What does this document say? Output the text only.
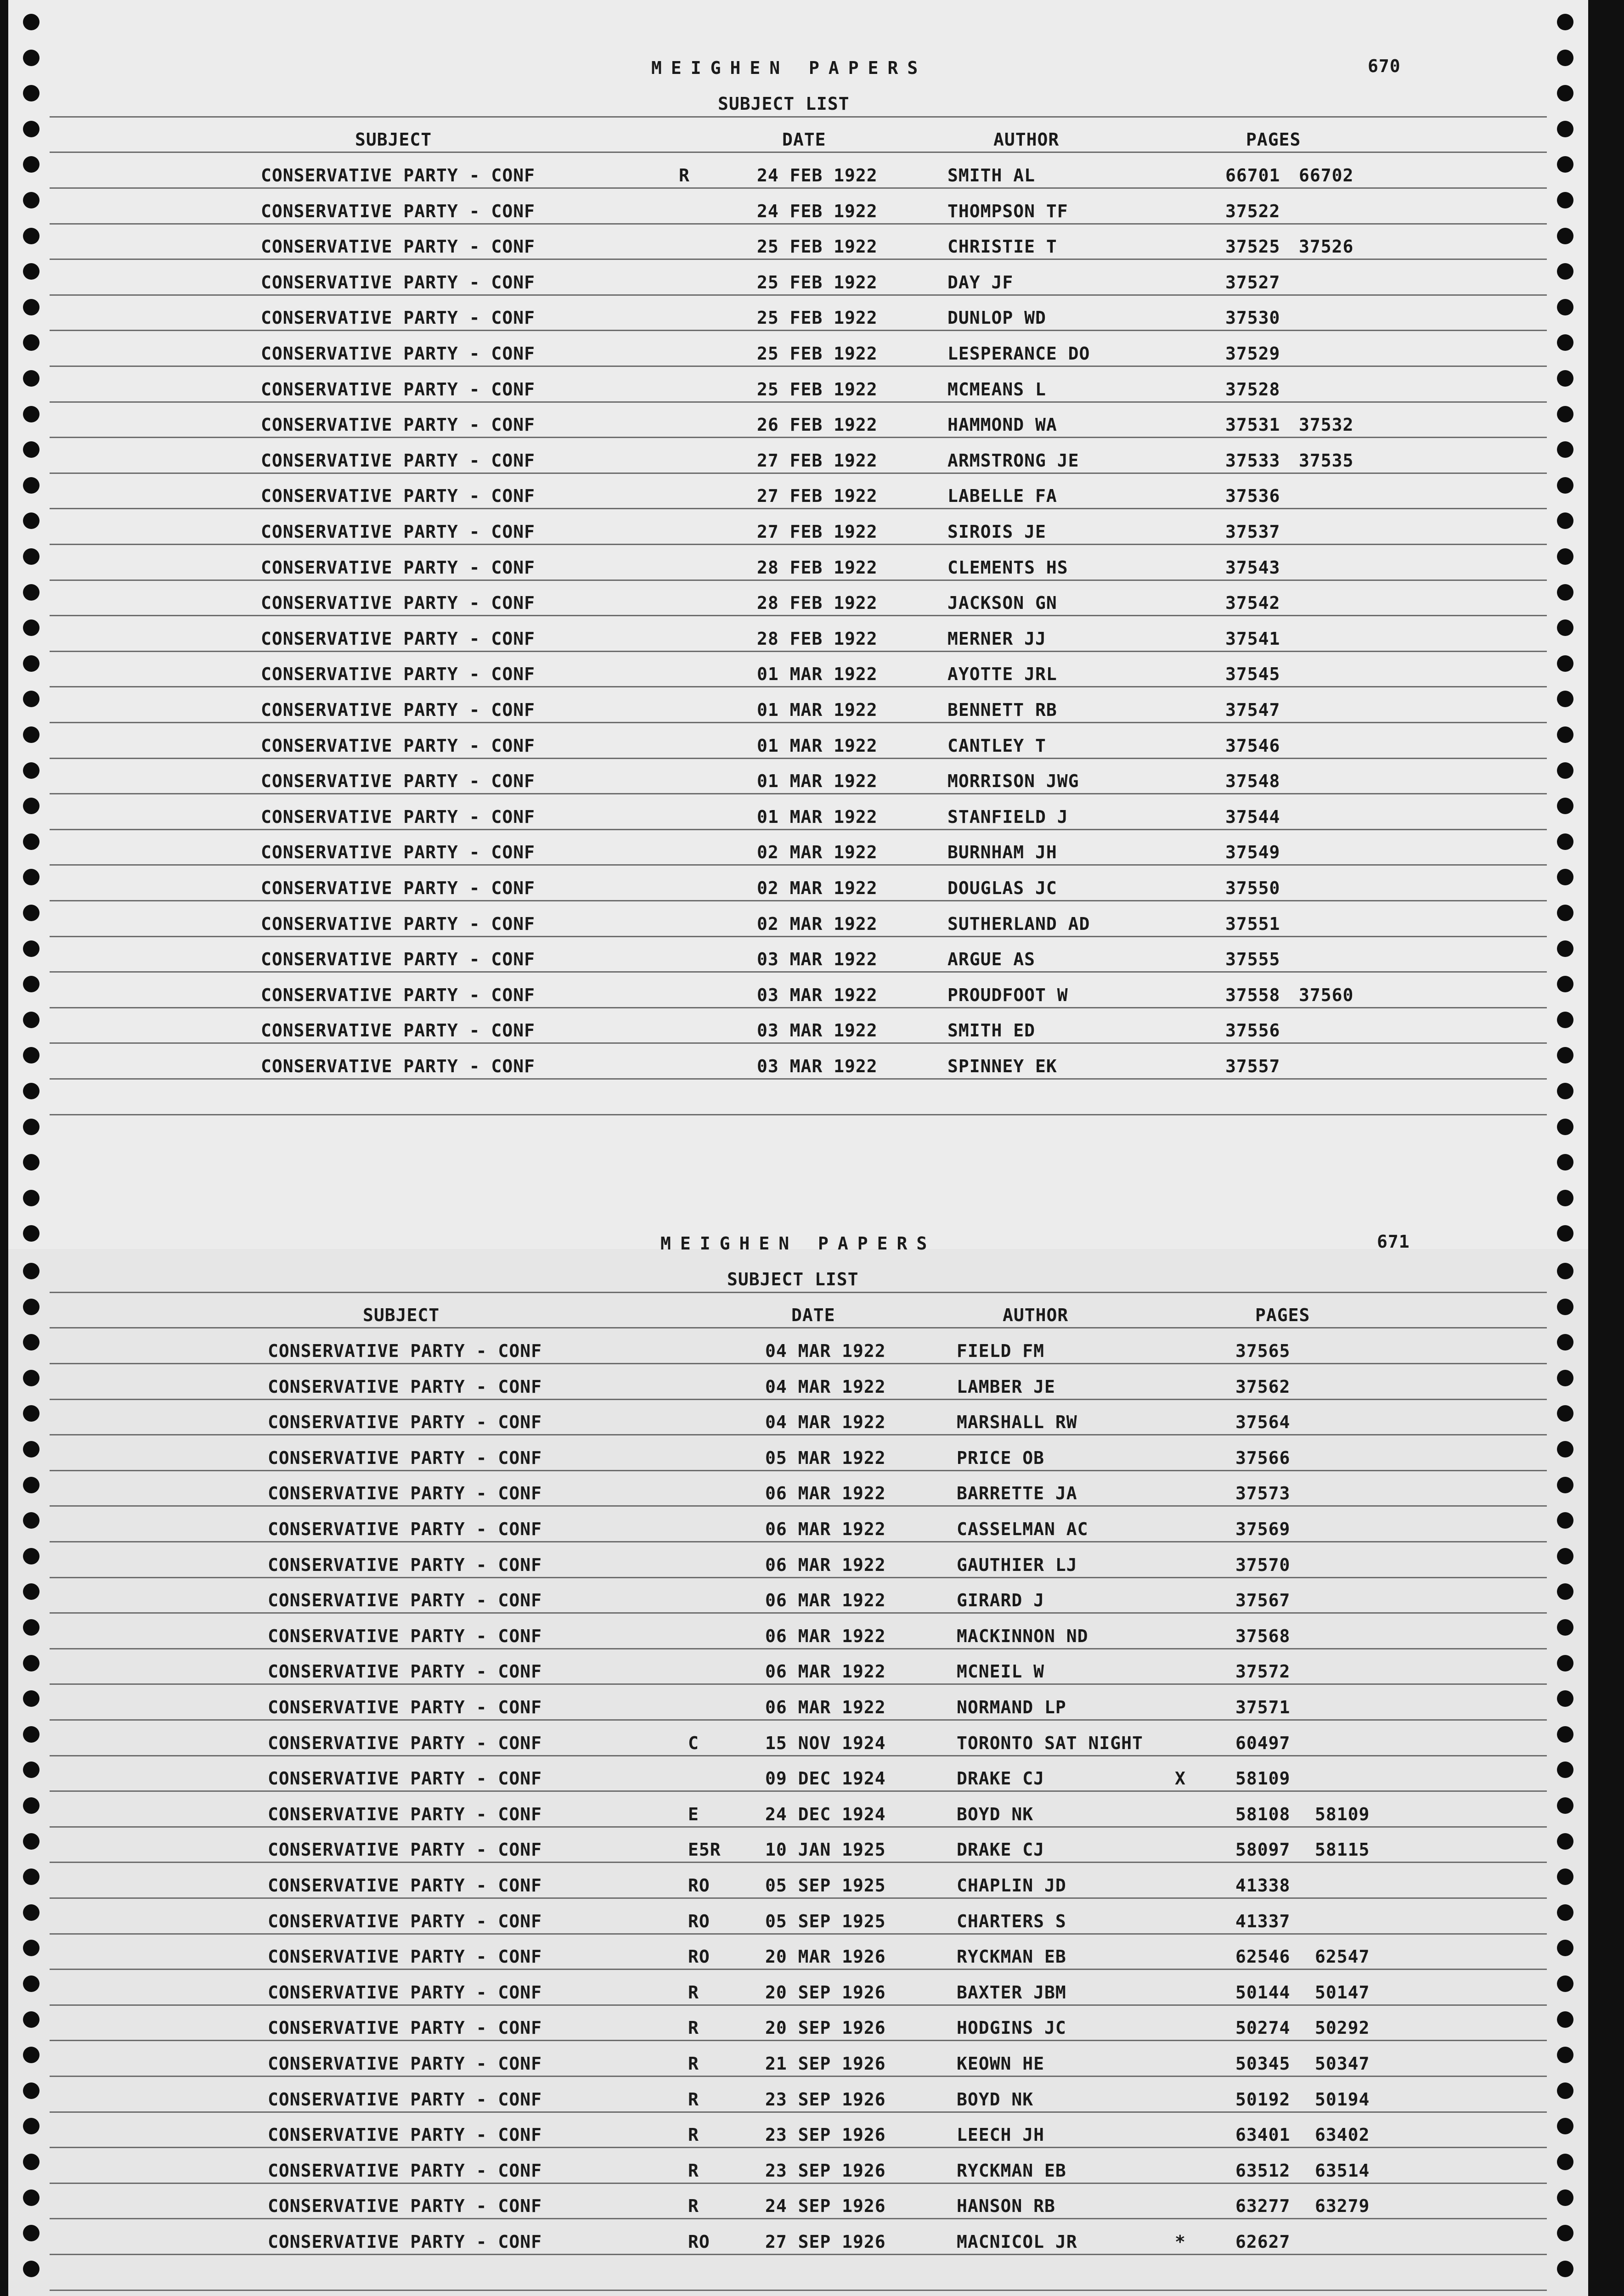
MEIGHEN PAPERS	670
SUBJECT LIST
SUBJECT	DATE	AUTHOR	PAGES
CONSERVATIVE PARTY - CONF	R	24 FEB 1922	SMITH AL	66701 66702
CONSERVATIVE PARTY - CONF	24 FEB 1922	THOMPSON TF	37522
CONSERVATIVE PARTY - CONF	25 FEB 1922	CHRISTIE T	37525 37526
CONSERVATIVE PARTY - CONF	25 FEB 1922	DAY JF	37527
CONSERVATIVE PARTY - CONF	25 FEB 1922	DUNLOP WD	37530
CONSERVATIVE PARTY - CONF	25 FEB 1922	LESPERANCE DO	37529
CONSERVATIVE PARTY - CONF	25 FEB 1922	MCMEANS L	37528
CONSERVATIVE PARTY - CONF	26 FEB 1922	HAMMOND WA	37531 37532
CONSERVATIVE PARTY - CONF	27 FEB 1922	ARMSTRONG JE	37533 37535
CONSERVATIVE PARTY - CONF	27 FEB 1922	LABELLE FA	37536
CONSERVATIVE PARTY - CONF	27 FEB 1922	SIROIS JE	37537
CONSERVATIVE PARTY - CONF	28 FEB 1922	CLEMENTS HS	37543
CONSERVATIVE PARTY - CONF	28 FEB 1922	JACKSON GN	37542
CONSERVATIVE PARTY - CONF	28 FEB 1922	MERNER JJ	37541
CONSERVATIVE PARTY - CONF	01 MAR 1922	AYOTTE JRL	37545
CONSERVATIVE PARTY - CONF	01 MAR 1922	BENNETT RB	37547
CONSERVATIVE PARTY - CONF	01 MAR 1922	CANTLEY T	37546
CONSERVATIVE PARTY - CONF	01 MAR 1922	MORRISON JWG	37548
CONSERVATIVE PARTY - CONF	01 MAR 1922	STANFIELD J	37544
CONSERVATIVE PARTY - CONF	02 MAR 1922	BURNHAM JH	37549
CONSERVATIVE PARTY - CONF	02 MAR 1922	DOUGLAS JC	37550
CONSERVATIVE PARTY - CONF	02 MAR 1922	SUTHERLAND AD	37551
CONSERVATIVE PARTY - CONF	03 MAR 1922	ARGUE AS	37555
CONSERVATIVE PARTY - CONF	03 MAR 1922	PROUDFOOT W	37558 37560
CONSERVATIVE PARTY - CONF	03 MAR 1922	SMITH ED	37556
CONSERVATIVE PARTY - CONF	03 MAR 1922	SPINNEY EK	37557
MEIGHEN PAPERS	671
SUBJECT LIST
SUBJECT	DATE	AUTHOR	PAGES
CONSERVATIVE PARTY - CONF	04 MAR 1922	FIELD FM	37565
CONSERVATIVE PARTY - CONF	04 MAR 1922	LAMBER JE	37562
CONSERVATIVE PARTY - CONF	04 MAR 1922	MARSHALL RW	37564
CONSERVATIVE PARTY - CONF	05 MAR 1922	PRICE OB	37566
CONSERVATIVE PARTY - CONF	06 MAR 1922	BARRETTE JA	37573
CONSERVATIVE PARTY - CONF	06 MAR 1922	CASSELMAN AC	37569
CONSERVATIVE PARTY - CONF	06 MAR 1922	GAUTHIER LJ	37570
CONSERVATIVE PARTY - CONF	06 MAR 1922	GIRARD J	37567
CONSERVATIVE PARTY - CONF	06 MAR 1922	MACKINNON ND	37568
CONSERVATIVE PARTY - CONF	06 MAR 1922	MCNEIL W	37572
CONSERVATIVE PARTY - CONF	06 MAR 1922	NORMAND LP	37571
CONSERVATIVE PARTY - CONF	C	15 NOV 1924	TORONTO SAT NIGHT	60497
CONSERVATIVE PARTY - CONF	09 DEC 1924	DRAKE CJ	X	58109
CONSERVATIVE PARTY - CONF	E	24 DEC 1924	BOYD NK	58108 58109
CONSERVATIVE PARTY - CONF	E5R	10 JAN 1925	DRAKE CJ	58097 58115
CONSERVATIVE PARTY - CONF	RO	05 SEP 1925	CHAPLIN JD	41338
CONSERVATIVE PARTY - CONF	RO	05 SEP 1925	CHARTERS S	41337
CONSERVATIVE PARTY - CONF	RO	20 MAR 1926	RYCKMAN EB	62546 62547
CONSERVATIVE PARTY - CONF	R	20 SEP 1926	BAXTER JBM	50144 50147
CONSERVATIVE PARTY - CONF	R	20 SEP 1926	HODGINS JC	50274 50292
CONSERVATIVE PARTY - CONF	R	21 SEP 1926	KEOWN HE	50345 50347
CONSERVATIVE PARTY - CONF	R	23 SEP 1926	BOYD NK	50192 50194
CONSERVATIVE PARTY - CONF	R	23 SEP 1926	LEECH JH	63401 63402
CONSERVATIVE PARTY - CONF	R	23 SEP 1926	RYCKMAN EB	63512 63514
CONSERVATIVE PARTY - CONF	R	24 SEP 1926	HANSON RB	63277 63279
CONSERVATIVE PARTY - CONF	RO	27 SEP 1926	MACNICOL JR	*	62627
